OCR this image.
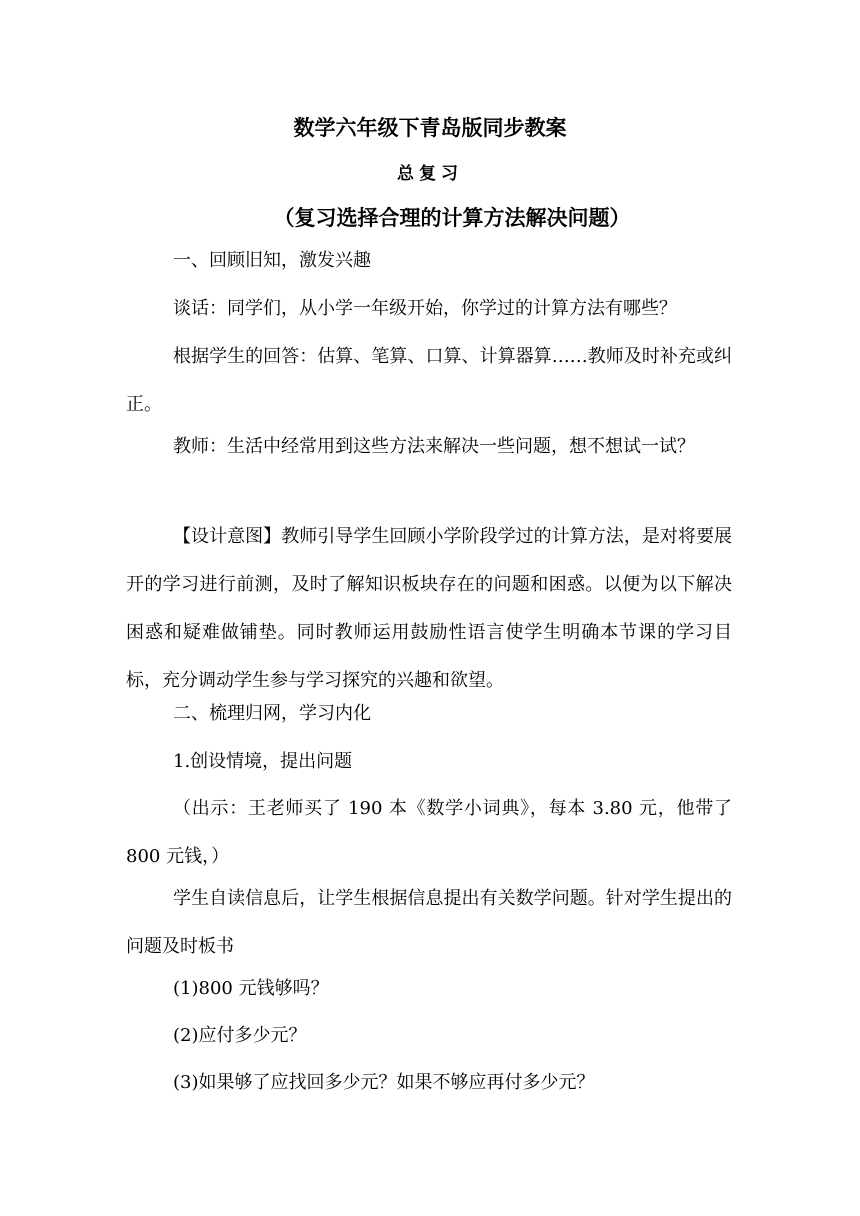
数学六年级下青岛版同步教案
总复习
（复习选择合理的计算方法解决问题）
一、回顾旧知，激发兴趣
谈话：同学们，从小学一年级开始，你学过的计算方法有哪些？
根据学生的回答：估算、笔算、口算、计算器算……教师及时补充或纠正。
教师：生活中经常用到这些方法来解决一些问题，想不想试一试？
【设计意图】教师引导学生回顾小学阶段学过的计算方法，是对将要展开的学习进行前测，及时了解知识板块存在的问题和困惑。以便为以下解决困惑和疑难做铺垫。同时教师运用鼓励性语言使学生明确本节课的学习目标，充分调动学生参与学习探究的兴趣和欲望。
二、梳理归网，学习内化
1.创设情境，提出问题
（出示：王老师买了 190 本《数学小词典》，每本 3.80 元，他带了 800 元钱，）
学生自读信息后，让学生根据信息提出有关数学问题。针对学生提出的问题及时板书
(1)800 元钱够吗？
(2)应付多少元？
(3)如果够了应找回多少元？如果不够应再付多少元？
